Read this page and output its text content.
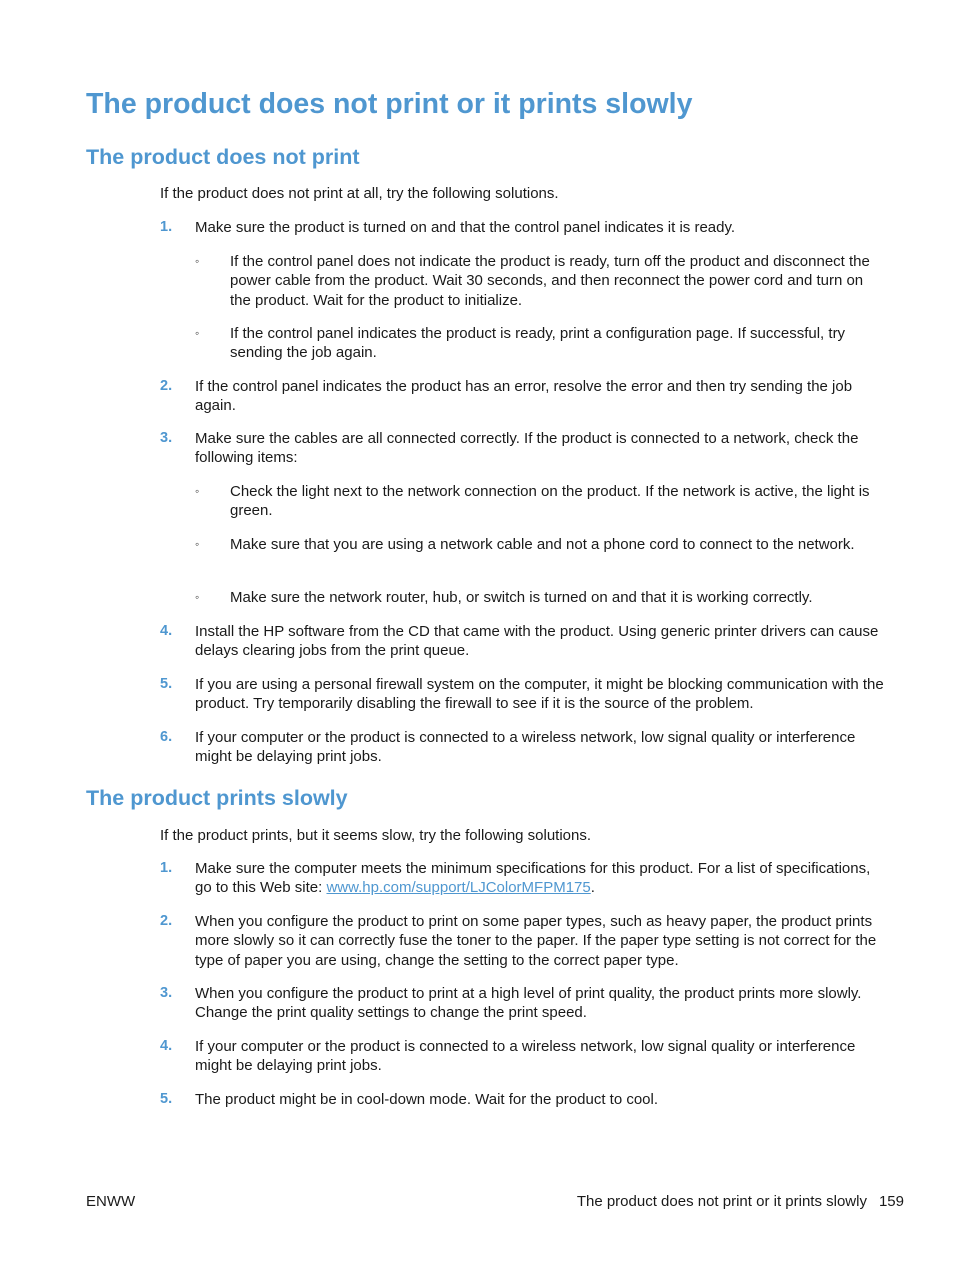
The product does not print or it prints slowly
The product does not print

If the product does not print at all, try the following solutions.

1. Make sure the product is turned on and that the control panel indicates it is ready.
◦ If the control panel does not indicate the product is ready, turn off the product and disconnect the power cable from the product. Wait 30 seconds, and then reconnect the power cord and turn on the product. Wait for the product to initialize.
◦ If the control panel indicates the product is ready, print a configuration page. If successful, try sending the job again.
2. If the control panel indicates the product has an error, resolve the error and then try sending the job again.
3. Make sure the cables are all connected correctly. If the product is connected to a network, check the following items:
◦ Check the light next to the network connection on the product. If the network is active, the light is green.
◦ Make sure that you are using a network cable and not a phone cord to connect to the network.
◦ Make sure the network router, hub, or switch is turned on and that it is working correctly.
4. Install the HP software from the CD that came with the product. Using generic printer drivers can cause delays clearing jobs from the print queue.
5. If you are using a personal firewall system on the computer, it might be blocking communication with the product. Try temporarily disabling the firewall to see if it is the source of the problem.
6. If your computer or the product is connected to a wireless network, low signal quality or interference might be delaying print jobs.
The product prints slowly

If the product prints, but it seems slow, try the following solutions.

1. Make sure the computer meets the minimum specifications for this product. For a list of specifications, go to this Web site: www.hp.com/support/LJColorMFPM175.
2. When you configure the product to print on some paper types, such as heavy paper, the product prints more slowly so it can correctly fuse the toner to the paper. If the paper type setting is not correct for the type of paper you are using, change the setting to the correct paper type.
3. When you configure the product to print at a high level of print quality, the product prints more slowly. Change the print quality settings to change the print speed.
4. If your computer or the product is connected to a wireless network, low signal quality or interference might be delaying print jobs.
5. The product might be in cool-down mode. Wait for the product to cool.
ENWW	The product does not print or it prints slowly 159
